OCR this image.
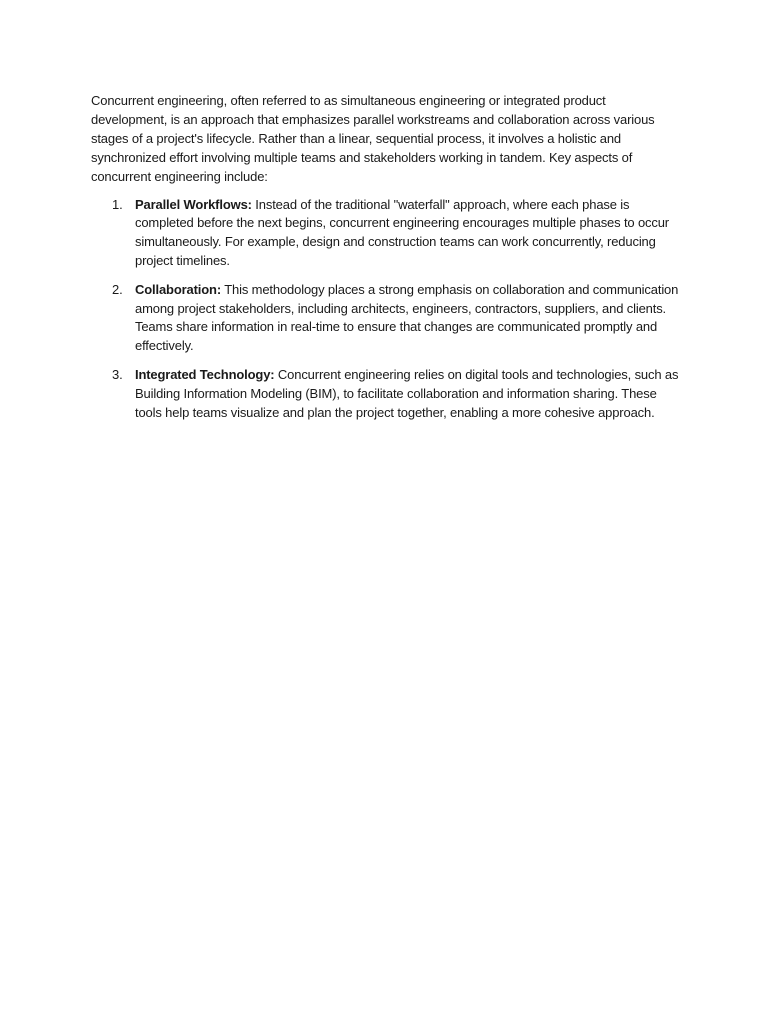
Concurrent engineering, often referred to as simultaneous engineering or integrated product development, is an approach that emphasizes parallel workstreams and collaboration across various stages of a project's lifecycle. Rather than a linear, sequential process, it involves a holistic and synchronized effort involving multiple teams and stakeholders working in tandem. Key aspects of concurrent engineering include:

1. Parallel Workflows: Instead of the traditional "waterfall" approach, where each phase is completed before the next begins, concurrent engineering encourages multiple phases to occur simultaneously. For example, design and construction teams can work concurrently, reducing project timelines.
2. Collaboration: This methodology places a strong emphasis on collaboration and communication among project stakeholders, including architects, engineers, contractors, suppliers, and clients. Teams share information in real-time to ensure that changes are communicated promptly and effectively.
3. Integrated Technology: Concurrent engineering relies on digital tools and technologies, such as Building Information Modeling (BIM), to facilitate collaboration and information sharing. These tools help teams visualize and plan the project together, enabling a more cohesive approach.
